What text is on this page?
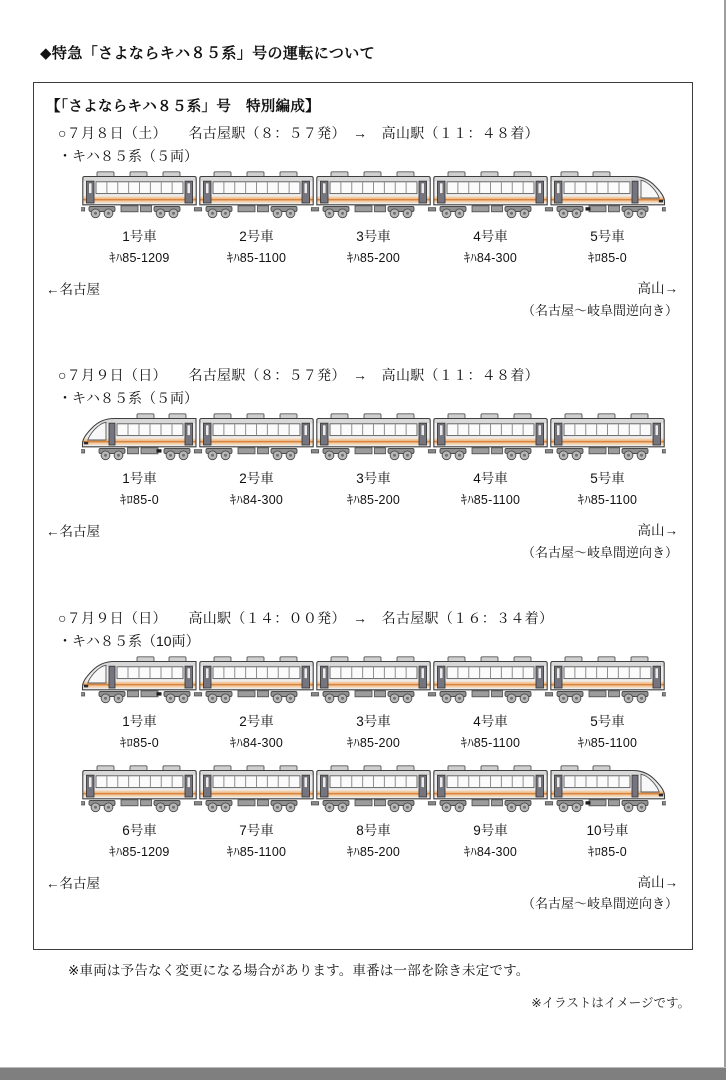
◆特急「さよならキハ８５系」号の運転について
【「さよならキハ８５系」号　特別編成】
○７月８日（土）　　名古屋駅（８：５７発）　→　高山駅（１１：４８着）
・キハ８５系（５両）
1号車
ｷﾊ85-1209
2号車
ｷﾊ85-1100
3号車
ｷﾊ85-200
4号車
ｷﾊ84-300
5号車
ｷﾛ85-0
←名古屋	高山→
（名古屋～岐阜間逆向き）
○７月９日（日）　　名古屋駅（８：５７発）　→　高山駅（１１：４８着）
・キハ８５系（５両）
1号車
ｷﾛ85-0
2号車
ｷﾊ84-300
3号車
ｷﾊ85-200
4号車
ｷﾊ85-1100
5号車
ｷﾊ85-1100
←名古屋	高山→
（名古屋～岐阜間逆向き）
○７月９日（日）　　高山駅（１４：００発）　→　名古屋駅（１６：３４着）
・キハ８５系（10両）
1号車
ｷﾛ85-0
2号車
ｷﾊ84-300
3号車
ｷﾊ85-200
4号車
ｷﾊ85-1100
5号車
ｷﾊ85-1100
6号車
ｷﾊ85-1209
7号車
ｷﾊ85-1100
8号車
ｷﾊ85-200
9号車
ｷﾊ84-300
10号車
ｷﾛ85-0
←名古屋	高山→
（名古屋～岐阜間逆向き）
※車両は予告なく変更になる場合があります。車番は一部を除き未定です。
※イラストはイメージです。
